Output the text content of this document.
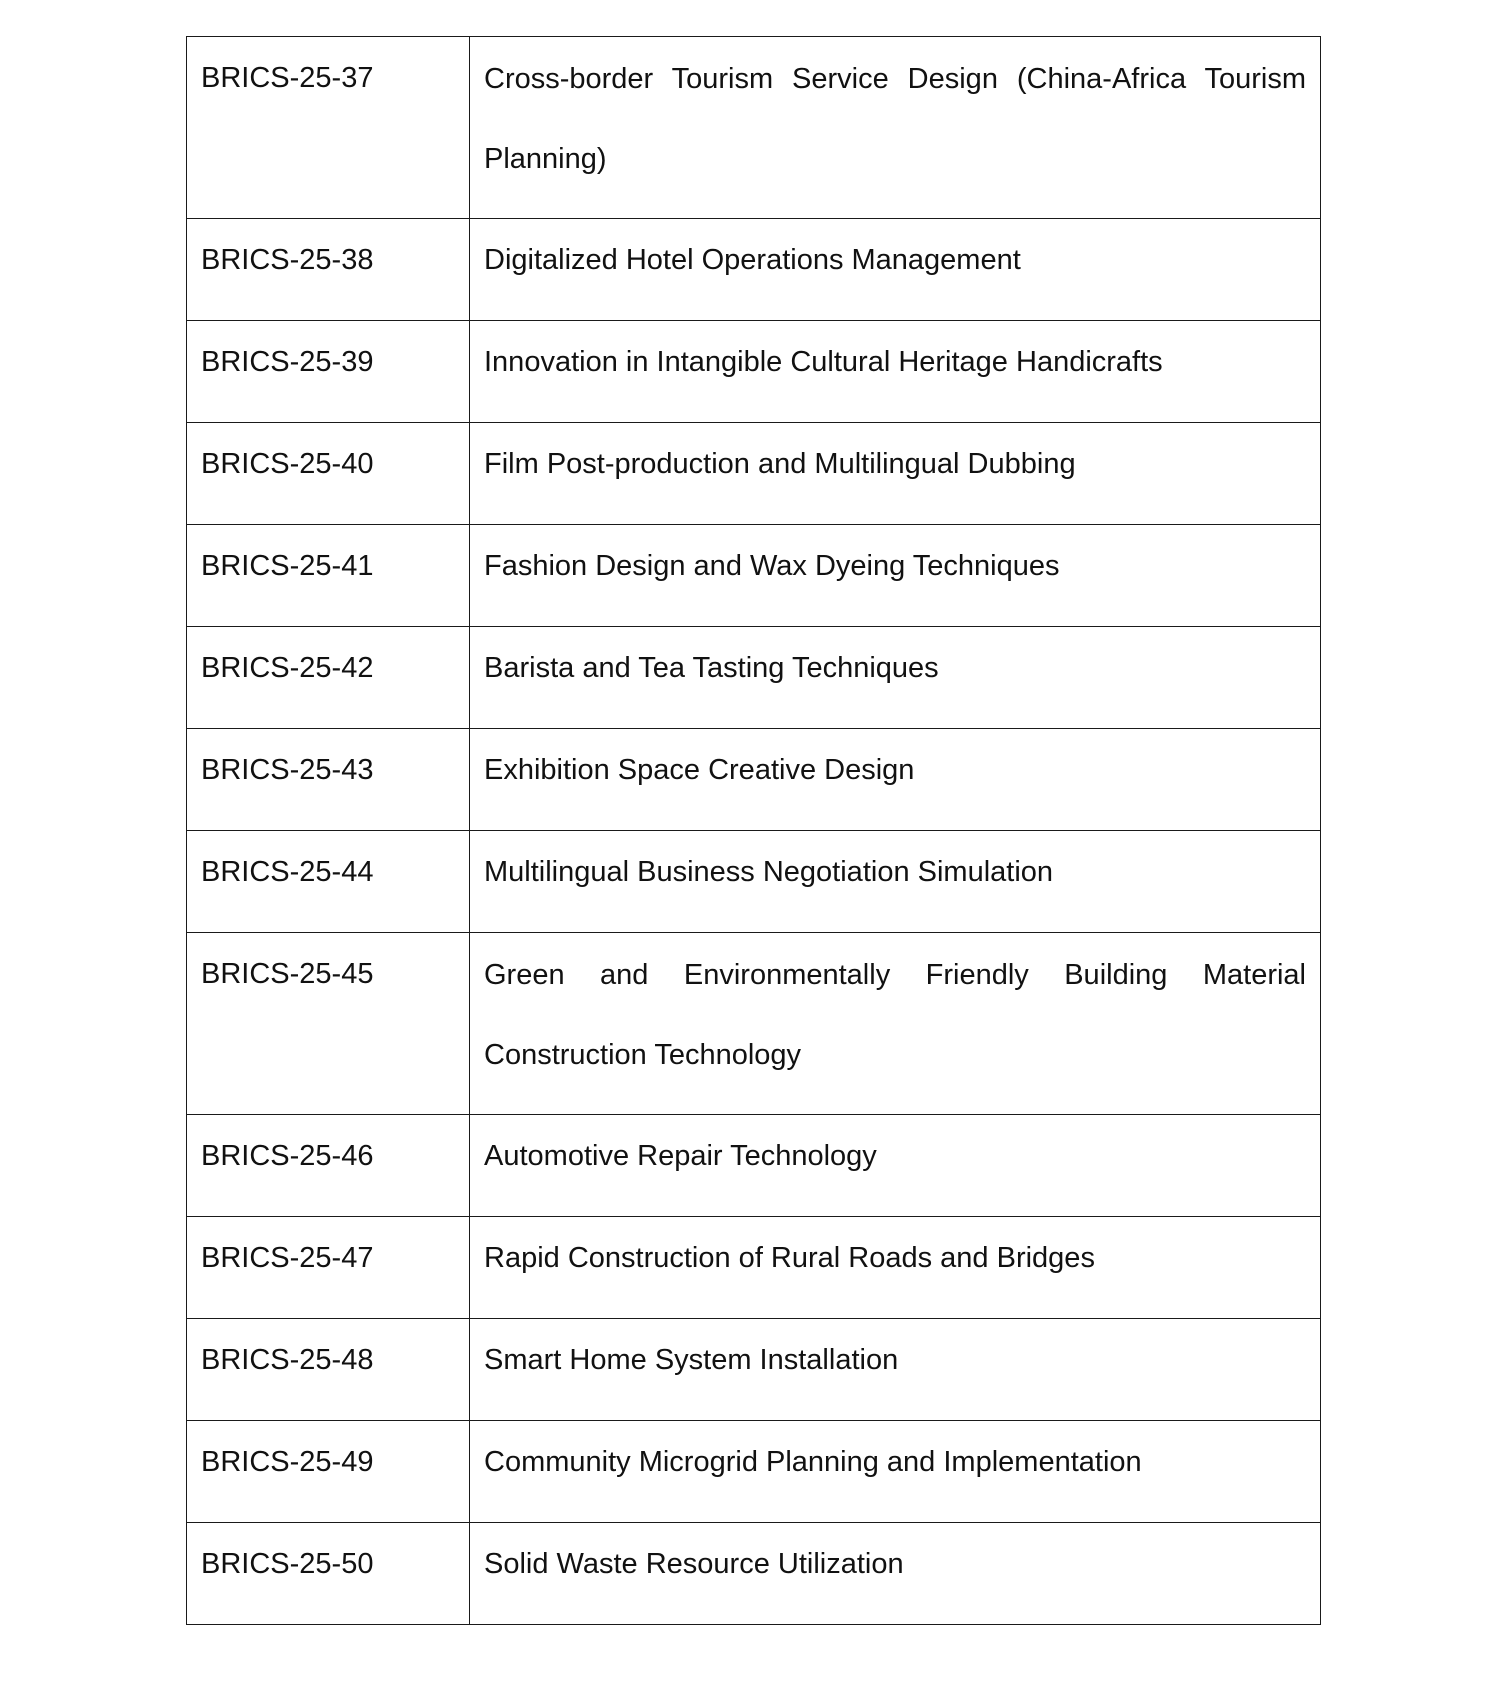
BRICS-25-37	Cross-border Tourism Service Design (China-Africa Tourism Planning)
BRICS-25-38	Digitalized Hotel Operations Management
BRICS-25-39	Innovation in Intangible Cultural Heritage Handicrafts
BRICS-25-40	Film Post-production and Multilingual Dubbing
BRICS-25-41	Fashion Design and Wax Dyeing Techniques
BRICS-25-42	Barista and Tea Tasting Techniques
BRICS-25-43	Exhibition Space Creative Design
BRICS-25-44	Multilingual Business Negotiation Simulation
BRICS-25-45	Green and Environmentally Friendly Building Material Construction Technology
BRICS-25-46	Automotive Repair Technology
BRICS-25-47	Rapid Construction of Rural Roads and Bridges
BRICS-25-48	Smart Home System Installation
BRICS-25-49	Community Microgrid Planning and Implementation
BRICS-25-50	Solid Waste Resource Utilization
